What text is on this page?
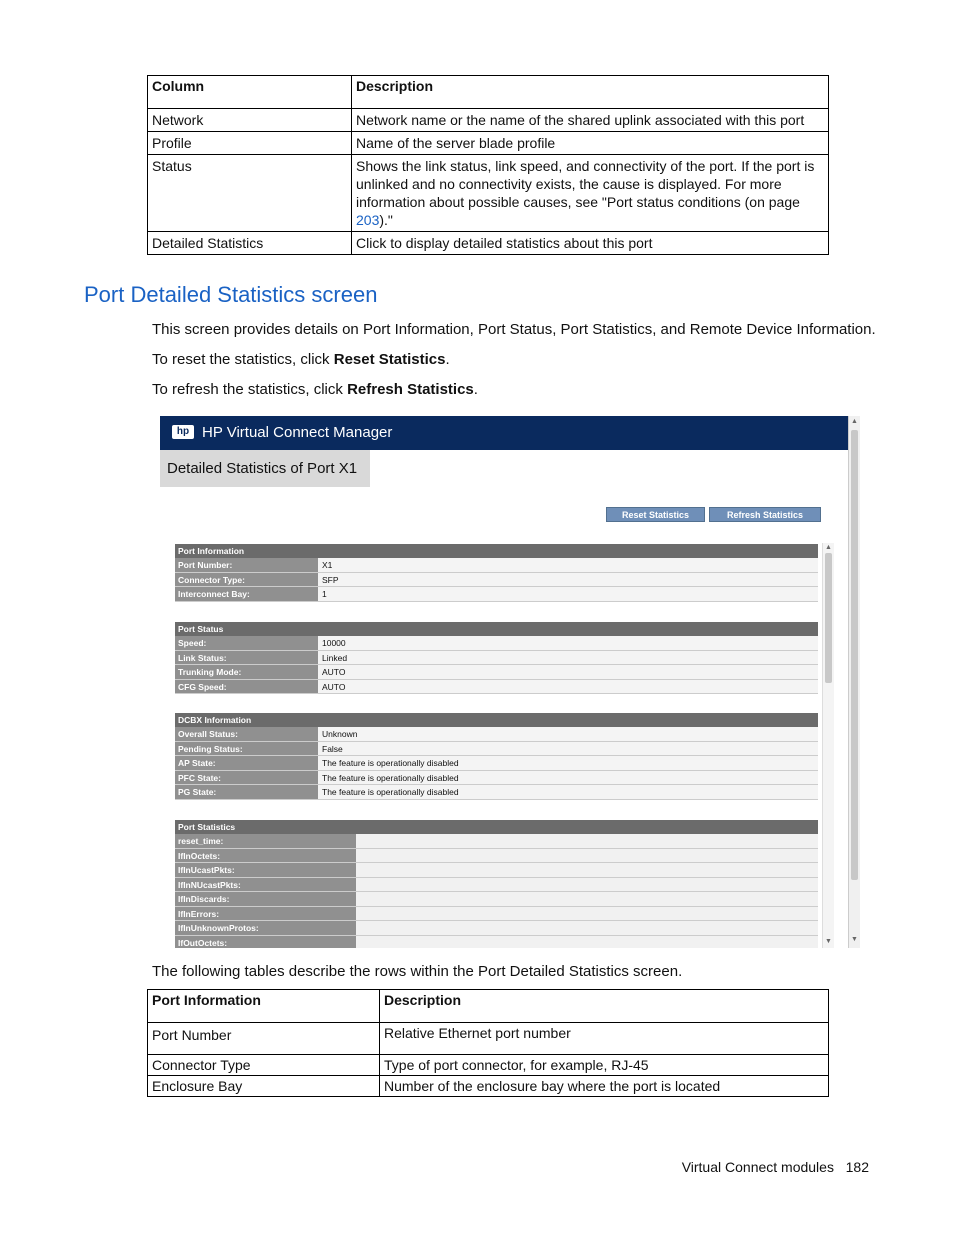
Column	Description
Network	Network name or the name of the shared uplink associated with this port
Profile	Name of the server blade profile
Status	Shows the link status, link speed, and connectivity of the port. If the port is unlinked and no connectivity exists, the cause is displayed. For more information about possible causes, see "Port status conditions (on page 203)."
Detailed Statistics	Click to display detailed statistics about this port
Port Detailed Statistics screen

This screen provides details on Port Information, Port Status, Port Statistics, and Remote Device Information.

To reset the statistics, click Reset Statistics.

To refresh the statistics, click Refresh Statistics.

hp HP Virtual Connect Manager
Detailed Statistics of Port X1
Reset Statistics	Refresh Statistics
Port Information
Port Number:	X1
Connector Type:	SFP
Interconnect Bay:	1
Port Status
Speed:	10000
Link Status:	Linked
Trunking Mode:	AUTO
CFG Speed:	AUTO
DCBX Information
Overall Status:	Unknown
Pending Status:	False
AP State:	The feature is operationally disabled
PFC State:	The feature is operationally disabled
PG State:	The feature is operationally disabled
Port Statistics
reset_time:
IfInOctets:
IfInUcastPkts:
IfInNUcastPkts:
IfInDiscards:
IfInErrors:
IfInUnknownProtos:
IfOutOctets:
▲
▼
▲
▼

The following tables describe the rows within the Port Detailed Statistics screen.

Port Information	Description
Port Number	Relative Ethernet port number
Connector Type	Type of port connector, for example, RJ-45
Enclosure Bay	Number of the enclosure bay where the port is located
Virtual Connect modules 182
